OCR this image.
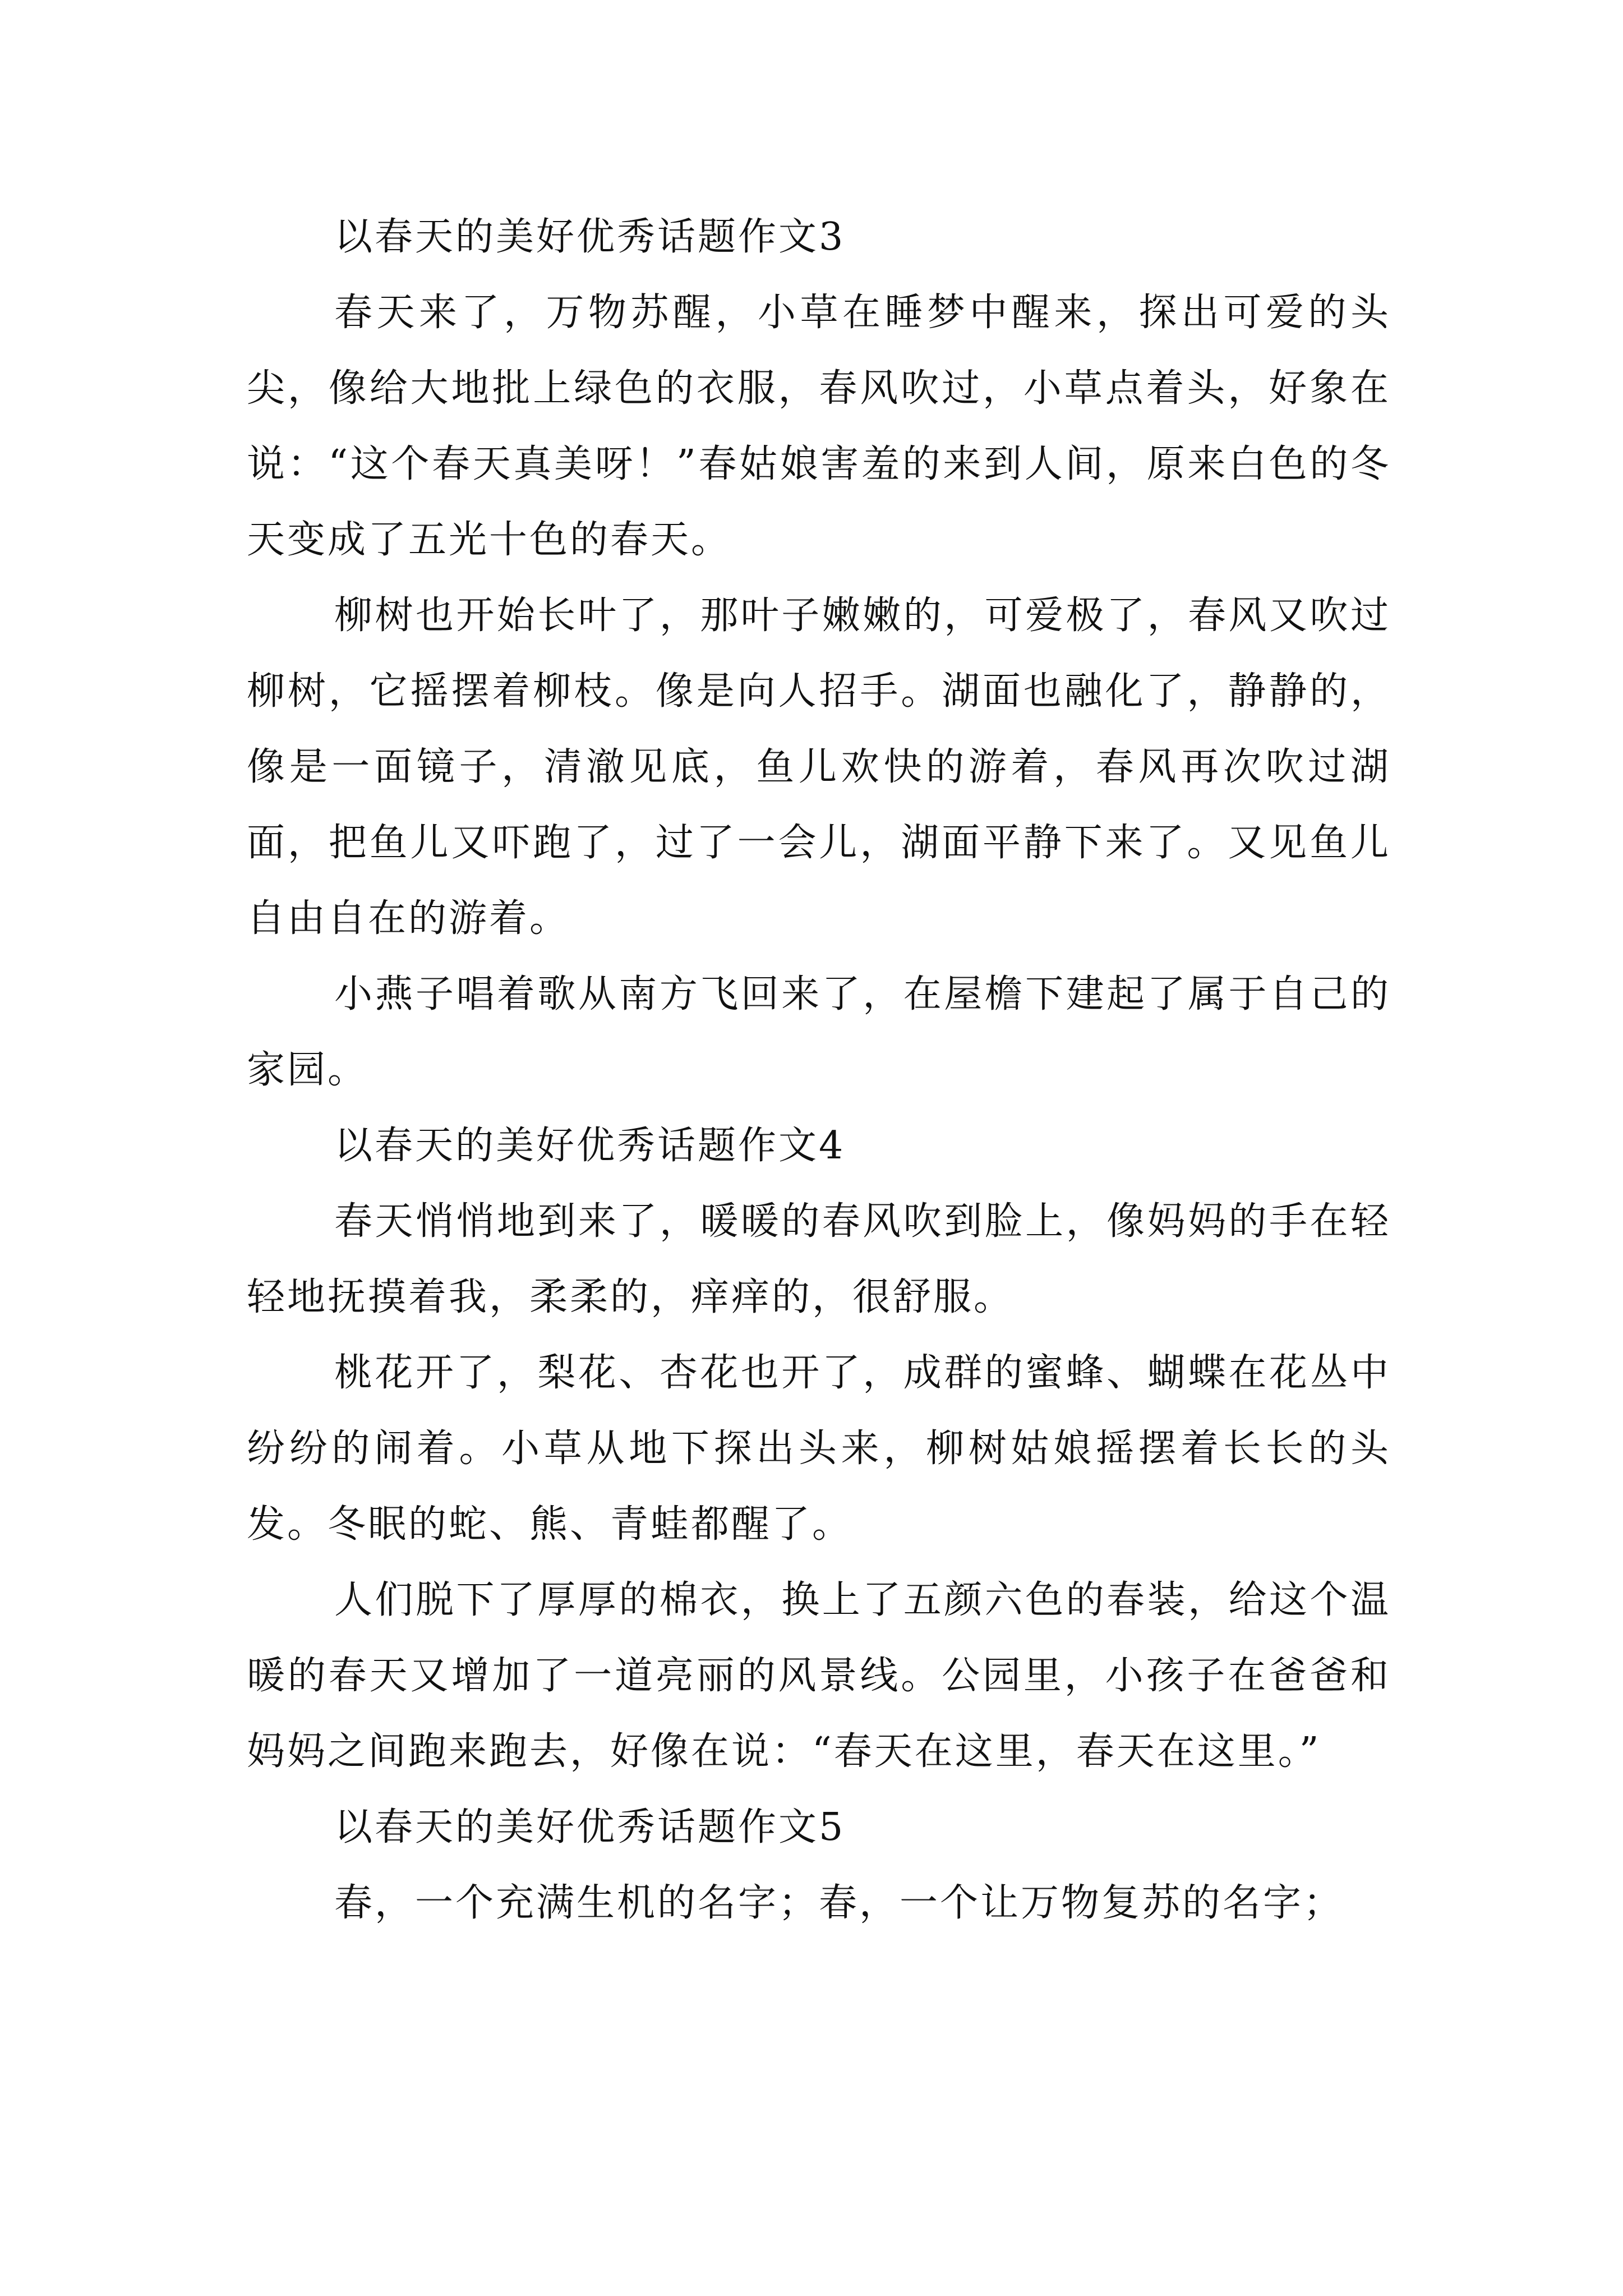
以春天的美好优秀话题作文3

春天来了，万物苏醒，小草在睡梦中醒来，探出可爱的头尖，像给大地批上绿色的衣服，春风吹过，小草点着头，好象在说：“这个春天真美呀！”春姑娘害羞的来到人间，原来白色的冬天变成了五光十色的春天。

柳树也开始长叶了，那叶子嫩嫩的，可爱极了，春风又吹过柳树，它摇摆着柳枝。像是向人招手。湖面也融化了，静静的，像是一面镜子，清澈见底，鱼儿欢快的游着，春风再次吹过湖面，把鱼儿又吓跑了，过了一会儿，湖面平静下来了。又见鱼儿自由自在的游着。

小燕子唱着歌从南方飞回来了，在屋檐下建起了属于自己的家园。

以春天的美好优秀话题作文4

春天悄悄地到来了，暖暖的春风吹到脸上，像妈妈的手在轻轻地抚摸着我，柔柔的，痒痒的，很舒服。

桃花开了，梨花、杏花也开了，成群的蜜蜂、蝴蝶在花丛中纷纷的闹着。小草从地下探出头来，柳树姑娘摇摆着长长的头发。冬眠的蛇、熊、青蛙都醒了。

人们脱下了厚厚的棉衣，换上了五颜六色的春装，给这个温暖的春天又增加了一道亮丽的风景线。公园里，小孩子在爸爸和妈妈之间跑来跑去，好像在说：“春天在这里，春天在这里。”

以春天的美好优秀话题作文5

春，一个充满生机的名字；春，一个让万物复苏的名字；
